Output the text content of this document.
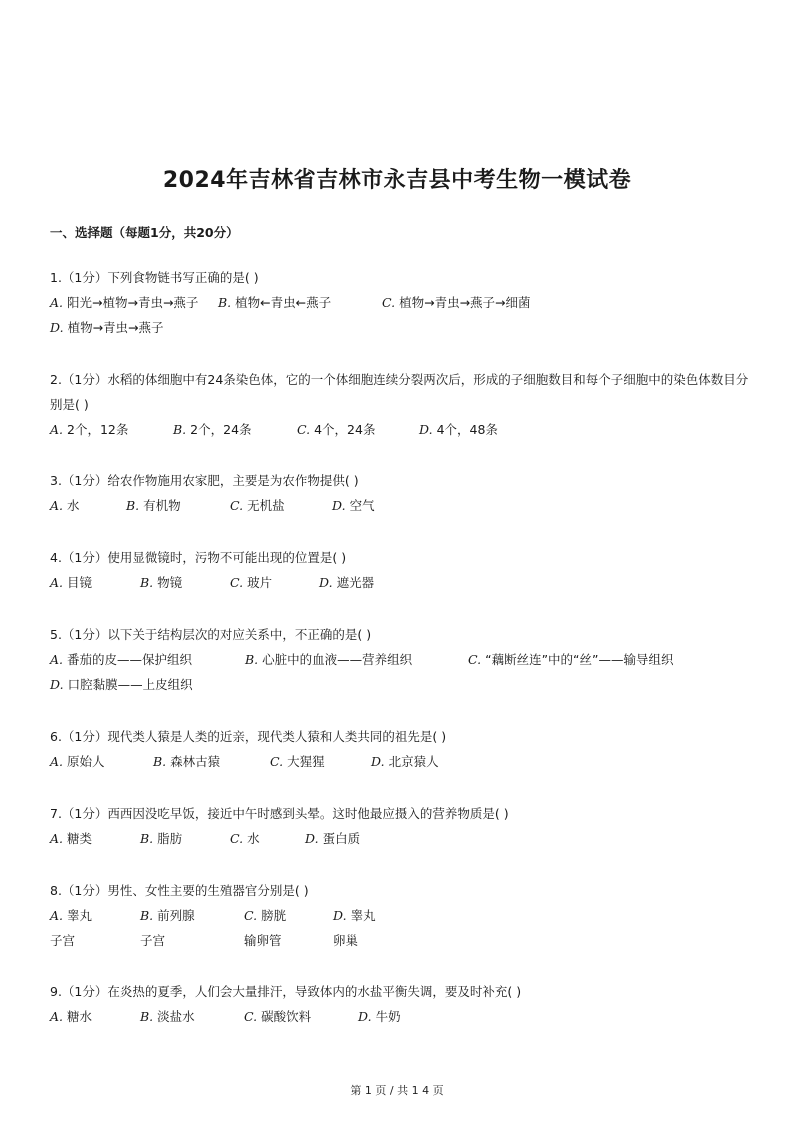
2024年吉林省吉林市永吉县中考生物一模试卷
一、选择题（每题1分，共20分）
1.（1分）下列食物链书写正确的是( )
A. 阳光→植物→青虫→燕子	B. 植物←青虫←燕子	C. 植物→青虫→燕子→细菌
D. 植物→青虫→燕子
2.（1分）水稻的体细胞中有24条染色体，它的一个体细胞连续分裂两次后，形成的子细胞数目和每个子细胞中的染色体数目分别是( )
A. 2个，12条	B. 2个，24条	C. 4个，24条	D. 4个，48条
3.（1分）给农作物施用农家肥，主要是为农作物提供( )
A. 水	B. 有机物	C. 无机盐	D. 空气
4.（1分）使用显微镜时，污物不可能出现的位置是( )
A. 目镜	B. 物镜	C. 玻片	D. 遮光器
5.（1分）以下关于结构层次的对应关系中，不正确的是( )
A. 番茄的皮——保护组织	B. 心脏中的血液——营养组织	C. “藕断丝连”中的“丝”——输导组织
D. 口腔黏膜——上皮组织
6.（1分）现代类人猿是人类的近亲，现代类人猿和人类共同的祖先是( )
A. 原始人	B. 森林古猿	C. 大猩猩	D. 北京猿人
7.（1分）西西因没吃早饭，接近中午时感到头晕。这时他最应摄入的营养物质是( )
A. 糖类	B. 脂肪	C. 水	D. 蛋白质
8.（1分）男性、女性主要的生殖器官分别是( )
A. 睾丸
子宫
B. 前列腺
子宫
C. 膀胱
输卵管
D. 睾丸
卵巢
9.（1分）在炎热的夏季，人们会大量排汗，导致体内的水盐平衡失调，要及时补充( )
A. 糖水	B. 淡盐水	C. 碳酸饮料	D. 牛奶
第 1 页 / 共 1 4 页
